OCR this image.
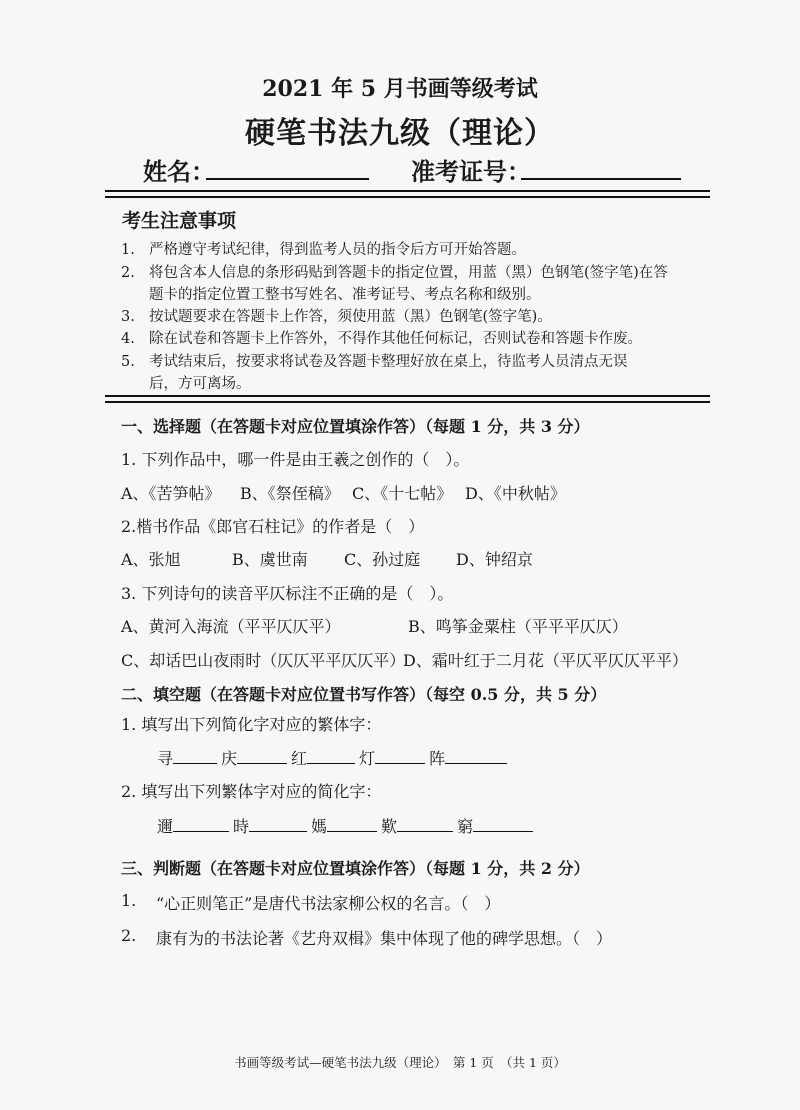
2021 年 5 月书画等级考试
硬笔书法九级（理论）
姓名：	准考证号：
考生注意事项
1. 严格遵守考试纪律，得到监考人员的指令后方可开始答题。
2. 将包含本人信息的条形码贴到答题卡的指定位置，用蓝（黑）色钢笔(签字笔)在答
题卡的指定位置工整书写姓名、准考证号、考点名称和级别。
3. 按试题要求在答题卡上作答，须使用蓝（黑）色钢笔(签字笔)。
4. 除在试卷和答题卡上作答外，不得作其他任何标记，否则试卷和答题卡作废。
5. 考试结束后，按要求将试卷及答题卡整理好放在桌上，待监考人员清点无误
后，方可离场。
一、选择题（在答题卡对应位置填涂作答）（每题 1 分，共 3 分）
1. 下列作品中，哪一件是由王羲之创作的（　）。
A、《苦笋帖》 B、《祭侄稿》 C、《十七帖》 D、《中秋帖》
2.楷书作品《郎官石柱记》的作者是（　）
A、张旭	B、虞世南 C、孙过庭 D、钟绍京
3. 下列诗句的读音平仄标注不正确的是（　）。
A、黄河入海流（平平仄仄平）	B、鸣筝金粟柱（平平平仄仄）
C、却话巴山夜雨时（仄仄平平仄仄平）
D、霜叶红于二月花（平仄平仄仄平平）
二、填空题（在答题卡对应位置书写作答）（每空 0.5 分，共 5 分）
1. 填写出下列简化字对应的繁体字：
寻	庆	红	灯	阵
2. 填写出下列繁体字对应的简化字：
邇	時	媽	歎	窮
三、判断题（在答题卡对应位置填涂作答）（每题 1 分，共 2 分）
1. “心正则笔正”是唐代书法家柳公权的名言。（　）
2. 康有为的书法论著《艺舟双楫》集中体现了他的碑学思想。（　）
书画等级考试—硬笔书法九级（理论）　第 1 页　（共 1 页）
